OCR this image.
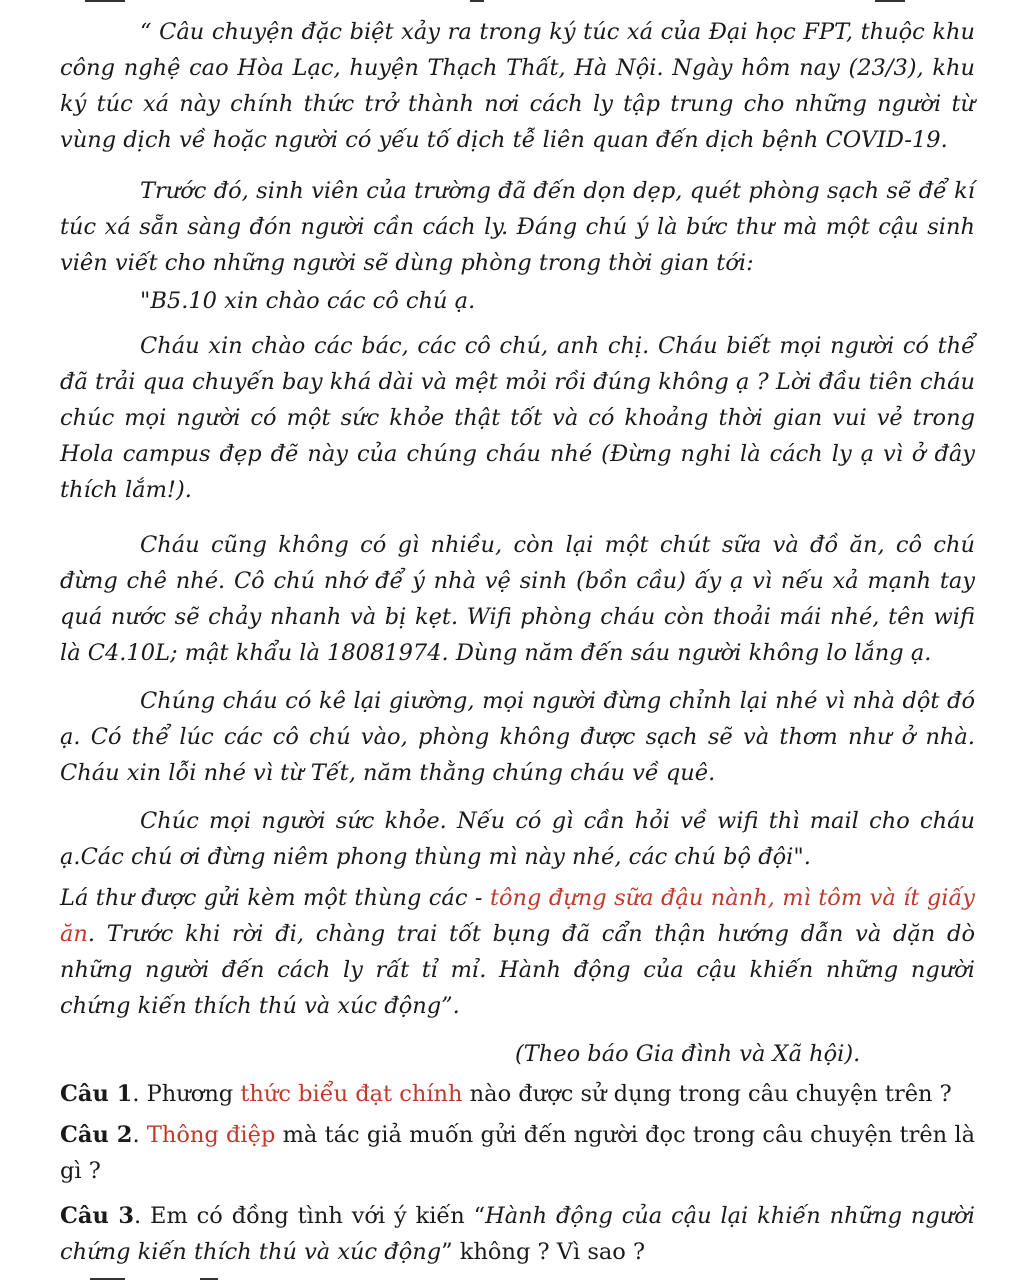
“ Câu chuyện đặc biệt xảy ra trong ký túc xá của Đại học FPT, thuộc khu công nghệ cao Hòa Lạc, huyện Thạch Thất, Hà Nội. Ngày hôm nay (23/3), khu ký túc xá này chính thức trở thành nơi cách ly tập trung cho những người từ vùng dịch về hoặc người có yếu tố dịch tễ liên quan đến dịch bệnh COVID-19.

Trước đó, sinh viên của trường đã đến dọn dẹp, quét phòng sạch sẽ để kí túc xá sẵn sàng đón người cần cách ly. Đáng chú ý là bức thư mà một cậu sinh viên viết cho những người sẽ dùng phòng trong thời gian tới:

"B5.10 xin chào các cô chú ạ.

Cháu xin chào các bác, các cô chú, anh chị. Cháu biết mọi người có thể đã trải qua chuyến bay khá dài và mệt mỏi rồi đúng không ạ ? Lời đầu tiên cháu chúc mọi người có một sức khỏe thật tốt và có khoảng thời gian vui vẻ trong Hola campus đẹp đẽ này của chúng cháu nhé (Đừng nghi là cách ly ạ vì ở đây thích lắm!).

Cháu cũng không có gì nhiều, còn lại một chút sữa và đồ ăn, cô chú đừng chê nhé. Cô chú nhớ để ý nhà vệ sinh (bồn cầu) ấy ạ vì nếu xả mạnh tay quá nước sẽ chảy nhanh và bị kẹt. Wifi phòng cháu còn thoải mái nhé, tên wifi là C4.10L; mật khẩu là 18081974. Dùng năm đến sáu người không lo lắng ạ.

Chúng cháu có kê lại giường, mọi người đừng chỉnh lại nhé vì nhà dột đó ạ. Có thể lúc các cô chú vào, phòng không được sạch sẽ và thơm như ở nhà. Cháu xin lỗi nhé vì từ Tết, năm thằng chúng cháu về quê.

Chúc mọi người sức khỏe. Nếu có gì cần hỏi về wifi thì mail cho cháu ạ.Các chú ơi đừng niêm phong thùng mì này nhé, các chú bộ đội".

Lá thư được gửi kèm một thùng các - tông đựng sữa đậu nành, mì tôm và ít giấy ăn. Trước khi rời đi, chàng trai tốt bụng đã cẩn thận hướng dẫn và dặn dò những người đến cách ly rất tỉ mỉ. Hành động của cậu khiến những người chứng kiến thích thú và xúc động”.

(Theo báo Gia đình và Xã hội).

Câu 1. Phương thức biểu đạt chính nào được sử dụng trong câu chuyện trên ?

Câu 2. Thông điệp mà tác giả muốn gửi đến người đọc trong câu chuyện trên là gì ?

Câu 3. Em có đồng tình với ý kiến “Hành động của cậu lại khiến những người chứng kiến thích thú và xúc động” không ? Vì sao ?
